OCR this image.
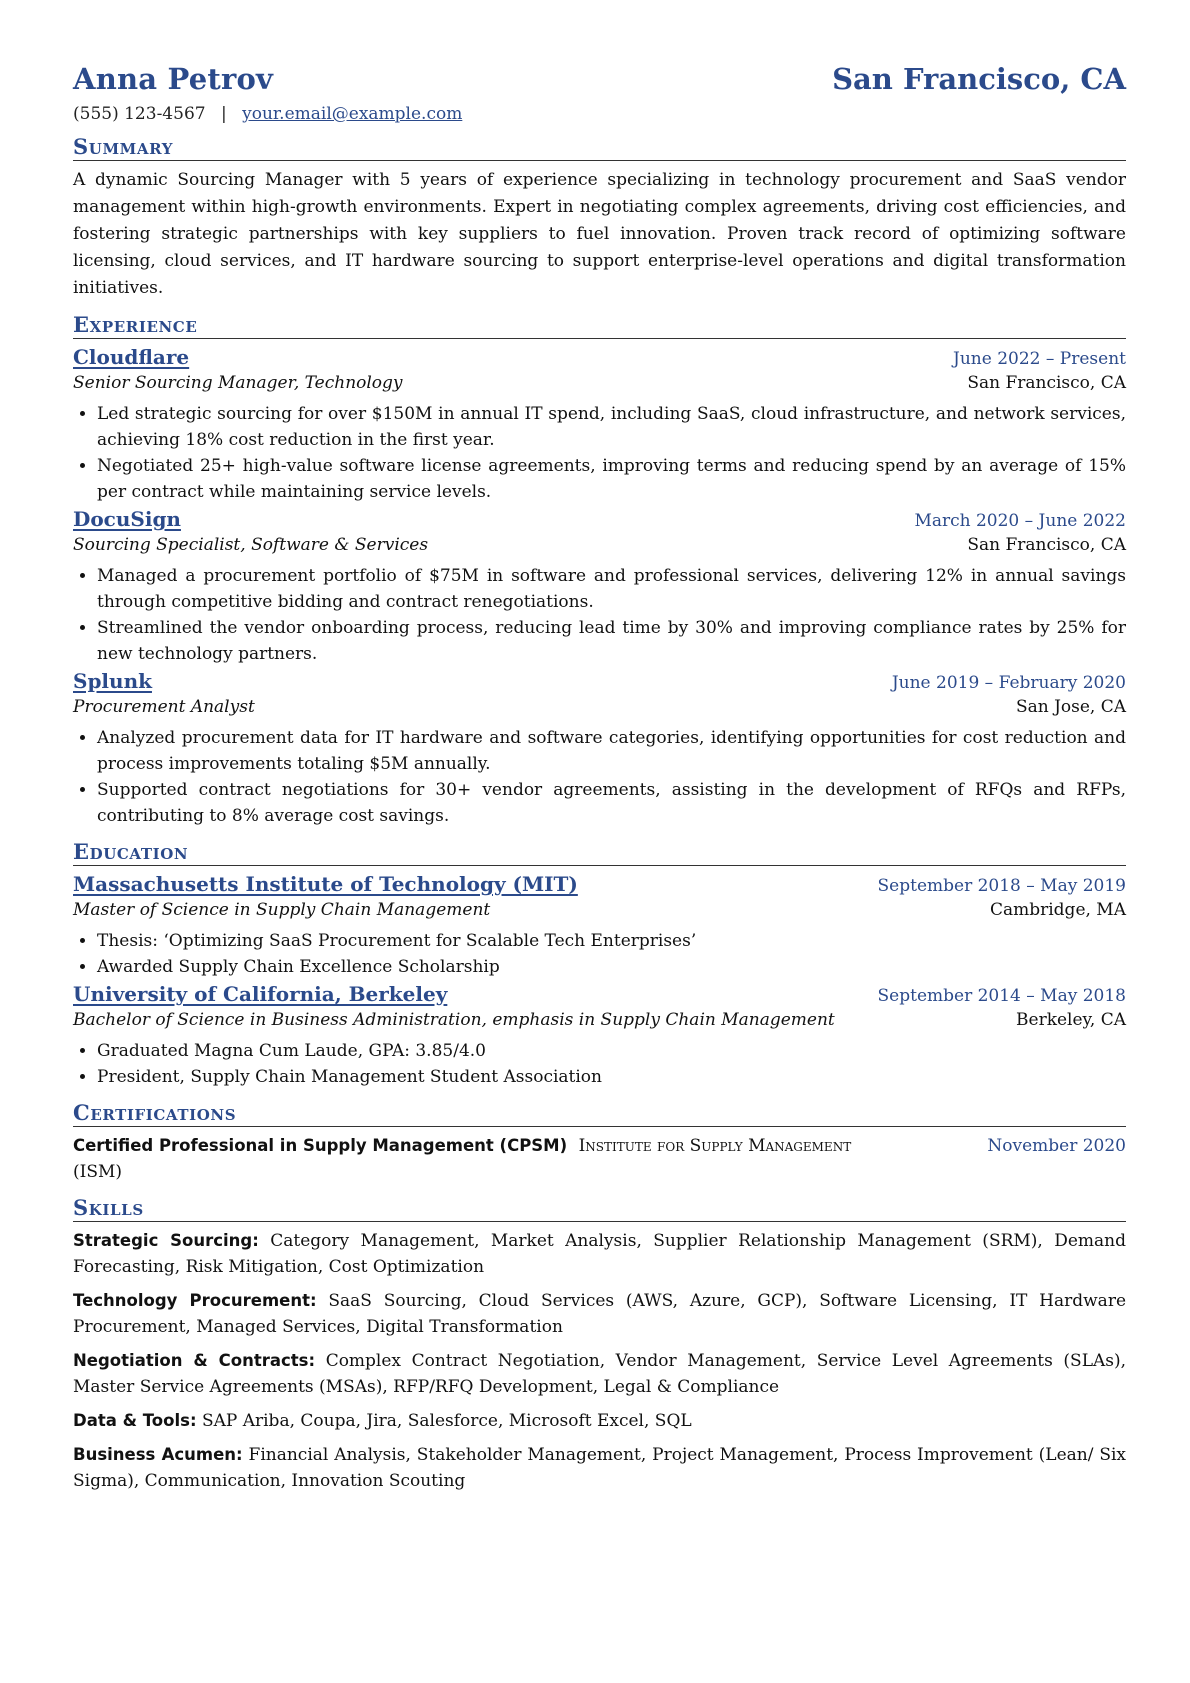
Anna Petrov	San Francisco, CA
(555) 123-4567 | your.email@example.com
Summary

A dynamic Sourcing Manager with 5 years of experience specializing in technology procurement and SaaS vendor management within high-growth environments. Expert in negotiating complex agreements, driving cost efficiencies, and fostering strategic partnerships with key suppliers to fuel innovation. Proven track record of optimizing software licensing, cloud services, and IT hardware sourcing to support enterprise-level operations and digital transformation initiatives.

Experience
Cloudflare	June 2022 – Present
Senior Sourcing Manager, Technology	San Francisco, CA
• Led strategic sourcing for over $150M in annual IT spend, including SaaS, cloud infrastructure, and network services, achieving 18% cost reduction in the first year.
• Negotiated 25+ high-value software license agreements, improving terms and reducing spend by an average of 15% per contract while maintaining service levels.
DocuSign	March 2020 – June 2022
Sourcing Specialist, Software & Services	San Francisco, CA
• Managed a procurement portfolio of $75M in software and professional services, delivering 12% in annual savings through competitive bidding and contract renegotiations.
• Streamlined the vendor onboarding process, reducing lead time by 30% and improving compliance rates by 25% for new technology partners.
Splunk	June 2019 – February 2020
Procurement Analyst	San Jose, CA
• Analyzed procurement data for IT hardware and software categories, identifying opportunities for cost reduction and process improvements totaling $5M annually.
• Supported contract negotiations for 30+ vendor agreements, assisting in the development of RFQs and RFPs, contributing to 8% average cost savings.
Education
Massachusetts Institute of Technology (MIT)	September 2018 – May 2019
Master of Science in Supply Chain Management	Cambridge, MA
• Thesis: ‘Optimizing SaaS Procurement for Scalable Tech Enterprises’
• Awarded Supply Chain Excellence Scholarship
University of California, Berkeley	September 2014 – May 2018
Bachelor of Science in Business Administration, emphasis in Supply Chain Management	Berkeley, CA
• Graduated Magna Cum Laude, GPA: 3.85/4.0
• President, Supply Chain Management Student Association
Certifications
Certified Professional in Supply Management (CPSM) Institute for Supply Management
(ISM)
November 2020
Skills

Strategic Sourcing: Category Management, Market Analysis, Supplier Relationship Management (SRM), Demand Forecasting, Risk Mitigation, Cost Optimization

Technology Procurement: SaaS Sourcing, Cloud Services (AWS, Azure, GCP), Software Licensing, IT Hardware Procurement, Managed Services, Digital Transformation

Negotiation & Contracts: Complex Contract Negotiation, Vendor Management, Service Level Agreements (SLAs), Master Service Agreements (MSAs), RFP/RFQ Development, Legal & Compliance

Data & Tools: SAP Ariba, Coupa, Jira, Salesforce, Microsoft Excel, SQL

Business Acumen: Financial Analysis, Stakeholder Management, Project Management, Process Improvement (Lean/ Six Sigma), Communication, Innovation Scouting
